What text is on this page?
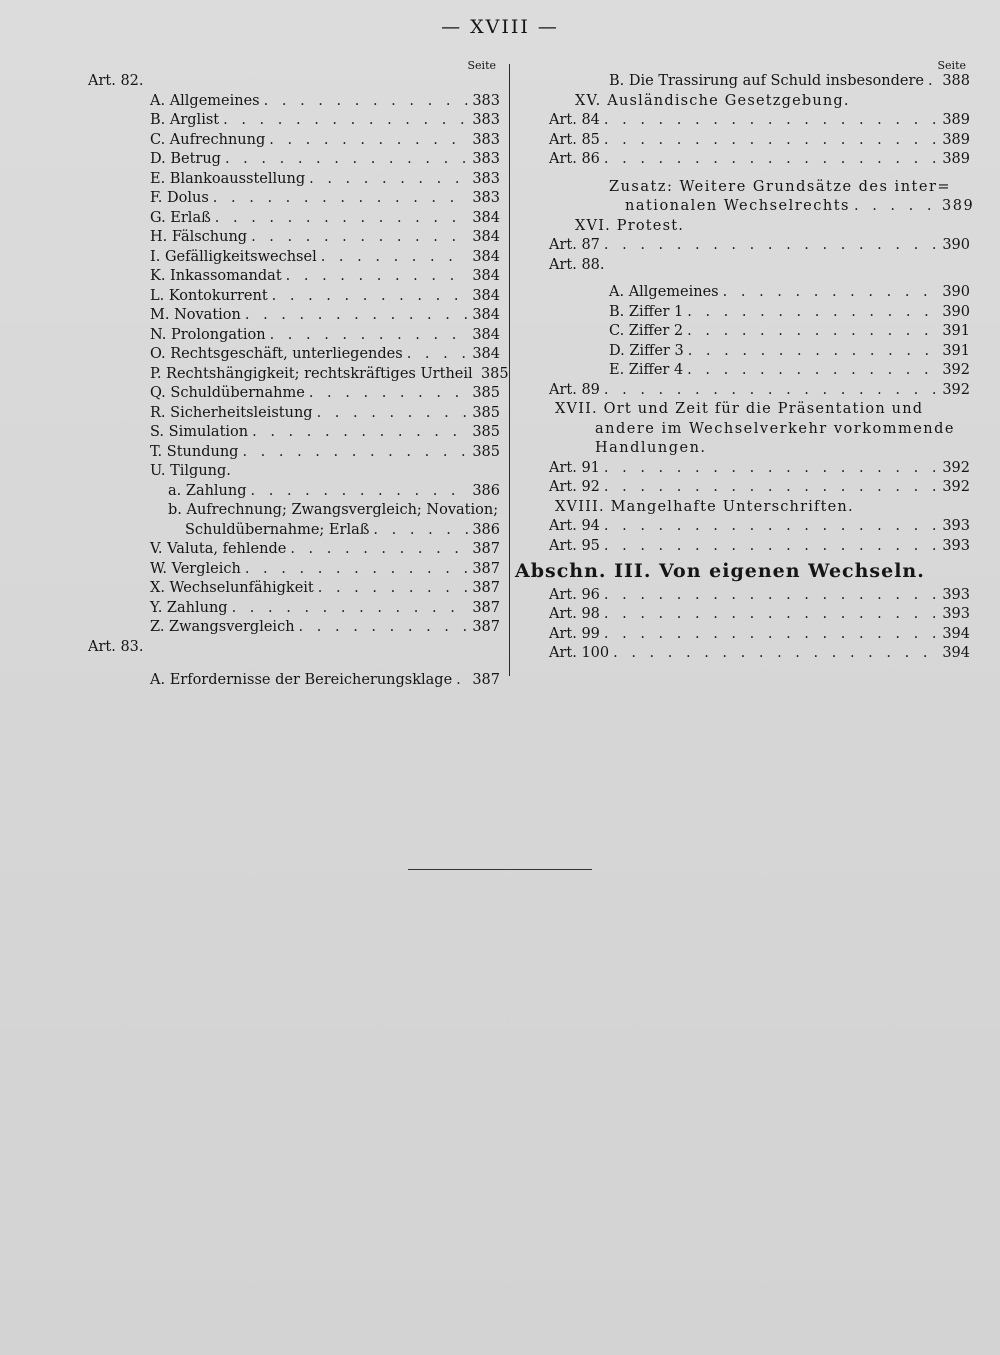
— XVIII —
Seite
Art. 82.
A. Allgemeines . . .	383
B. Arglist . . .	383
C. Aufrechnung . . .	383
D. Betrug . . .	383
E. Blankoausstellung . . .	383
F. Dolus . . .	383
G. Erlaß . . .	384
H. Fälschung . . .	384
I. Gefälligkeitswechsel . . .	384
K. Inkassomandat . . .	384
L. Kontokurrent . . .	384
M. Novation . . .	384
N. Prolongation . . .	384
O. Rechtsgeschäft, unterliegendes . . .	384
P. Rechtshängigkeit; rechtskräftiges Urtheil 385
Q. Schuldübernahme . . .	385
R. Sicherheitsleistung . . .	385
S. Simulation . . .	385
T. Stundung . . .	385
U. Tilgung.
a. Zahlung . . .	386
b. Aufrechnung; Zwangsvergleich; Novation;
Schuldübernahme; Erlaß . . .	386
V. Valuta, fehlende . . .	387
W. Vergleich . . .	387
X. Wechselunfähigkeit . . .	387
Y. Zahlung . . .	387
Z. Zwangsvergleich . . .	387
Art. 83.
A. Erfordernisse der Bereicherungsklage . . . 387
Seite
B. Die Trassirung auf Schuld insbesondere . . . 388
XV. Ausländische Gesetzgebung.
Art. 84 . . .	389
Art. 85 . . .	389
Art. 86 . . .	389
Zusatz: Weitere Grundsätze des inter=
nationalen Wechselrechts . . .	389
XVI. Protest.
Art. 87 . . .	390
Art. 88.
A. Allgemeines . . .	390
B. Ziffer 1 . . .	390
C. Ziffer 2 . . .	391
D. Ziffer 3 . . .	391
E. Ziffer 4 . . .	392
Art. 89 . . .	392
XVII. Ort und Zeit für die Präsentation und
andere im Wechselverkehr vorkommende
Handlungen.
Art. 91 . . .	392
Art. 92 . . .	392
XVIII. Mangelhafte Unterschriften.
Art. 94 . . .	393
Art. 95 . . .	393
Abschn. III. Von eigenen Wechseln.
Art. 96 . . .	393
Art. 98 . . .	393
Art. 99 . . .	394
Art. 100 . . .	394
